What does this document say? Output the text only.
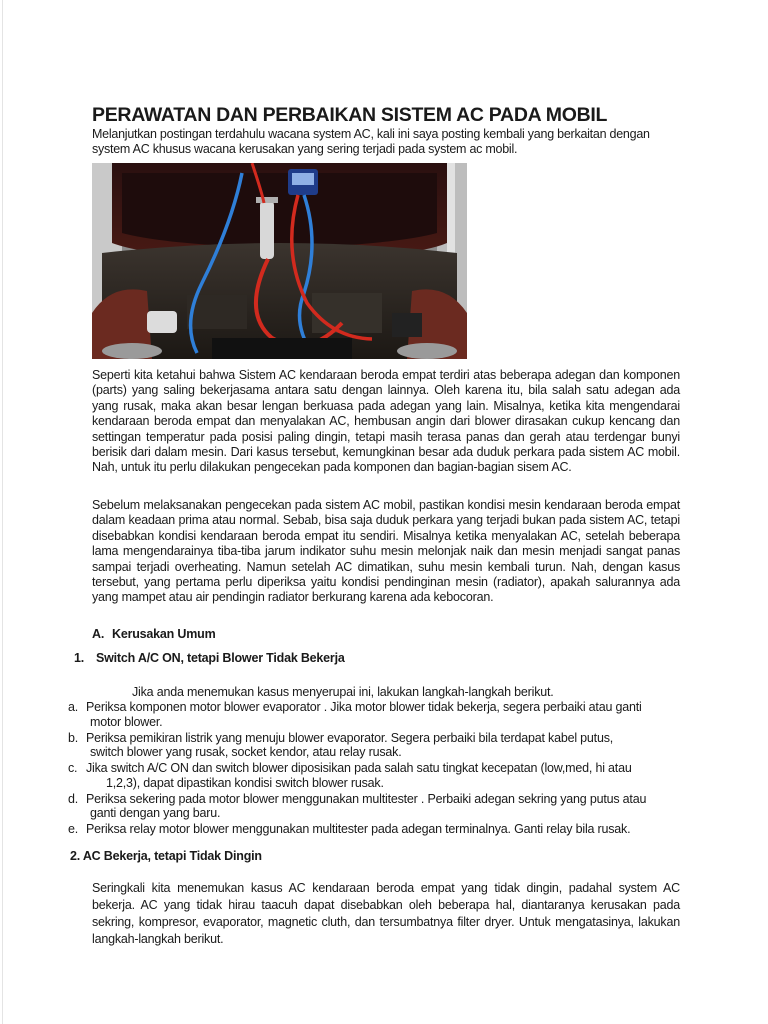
PERAWATAN DAN PERBAIKAN SISTEM AC PADA MOBIL

Melanjutkan postingan terdahulu wacana system AC, kali ini saya posting kembali yang berkaitan dengan system AC khusus wacana kerusakan yang sering terjadi pada system ac mobil.

Seperti kita ketahui bahwa Sistem AC kendaraan beroda empat terdiri atas beberapa adegan dan komponen (parts) yang saling bekerjasama antara satu dengan lainnya. Oleh karena itu, bila salah satu adegan ada yang rusak, maka akan besar lengan berkuasa pada adegan yang lain. Misalnya, ketika kita mengendarai kendaraan beroda empat dan menyalakan AC, hembusan angin dari blower dirasakan cukup kencang dan settingan temperatur pada posisi paling dingin, tetapi masih terasa panas dan gerah atau terdengar bunyi berisik dari dalam mesin. Dari kasus tersebut, kemungkinan besar ada duduk perkara pada sistem AC mobil. Nah, untuk itu perlu dilakukan pengecekan pada komponen dan bagian-bagian sisem AC.

Sebelum melaksanakan pengecekan pada sistem AC mobil, pastikan kondisi mesin kendaraan beroda empat dalam keadaan prima atau normal. Sebab, bisa saja duduk perkara yang terjadi bukan pada sistem AC, tetapi disebabkan kondisi kendaraan beroda empat itu sendiri. Misalnya ketika menyalakan AC, setelah beberapa lama mengendarainya tiba-tiba jarum indikator suhu mesin melonjak naik dan mesin menjadi sangat panas sampai terjadi overheating. Namun setelah AC dimatikan, suhu mesin kembali turun. Nah, dengan kasus tersebut, yang pertama perlu diperiksa yaitu kondisi pendinginan mesin (radiator), apakah salurannya ada yang mampet atau air pendingin radiator berkurang karena ada kebocoran.

A. Kerusakan Umum
1. Switch A/C ON, tetapi Blower Tidak Bekerja
Jika anda menemukan kasus menyerupai ini, lakukan langkah-langkah berikut.
a. Periksa komponen motor blower evaporator . Jika motor blower tidak bekerja, segera perbaiki atau ganti
motor blower.
b. Periksa pemikiran listrik yang menuju blower evaporator. Segera perbaiki bila terdapat kabel putus,
switch blower yang rusak, socket kendor, atau relay rusak.
c. Jika switch A/C ON dan switch blower diposisikan pada salah satu tingkat kecepatan (low,med, hi atau
1,2,3), dapat dipastikan kondisi switch blower rusak.
d. Periksa sekering pada motor blower menggunakan multitester . Perbaiki adegan sekring yang putus atau
ganti dengan yang baru.
e. Periksa relay motor blower menggunakan multitester pada adegan terminalnya. Ganti relay bila rusak.
2. AC Bekerja, tetapi Tidak Dingin

Seringkali kita menemukan kasus AC kendaraan beroda empat yang tidak dingin, padahal system AC bekerja. AC yang tidak hirau taacuh dapat disebabkan oleh beberapa hal, diantaranya kerusakan pada sekring, kompresor, evaporator, magnetic cluth, dan tersumbatnya filter dryer. Untuk mengatasinya, lakukan langkah-langkah berikut.
